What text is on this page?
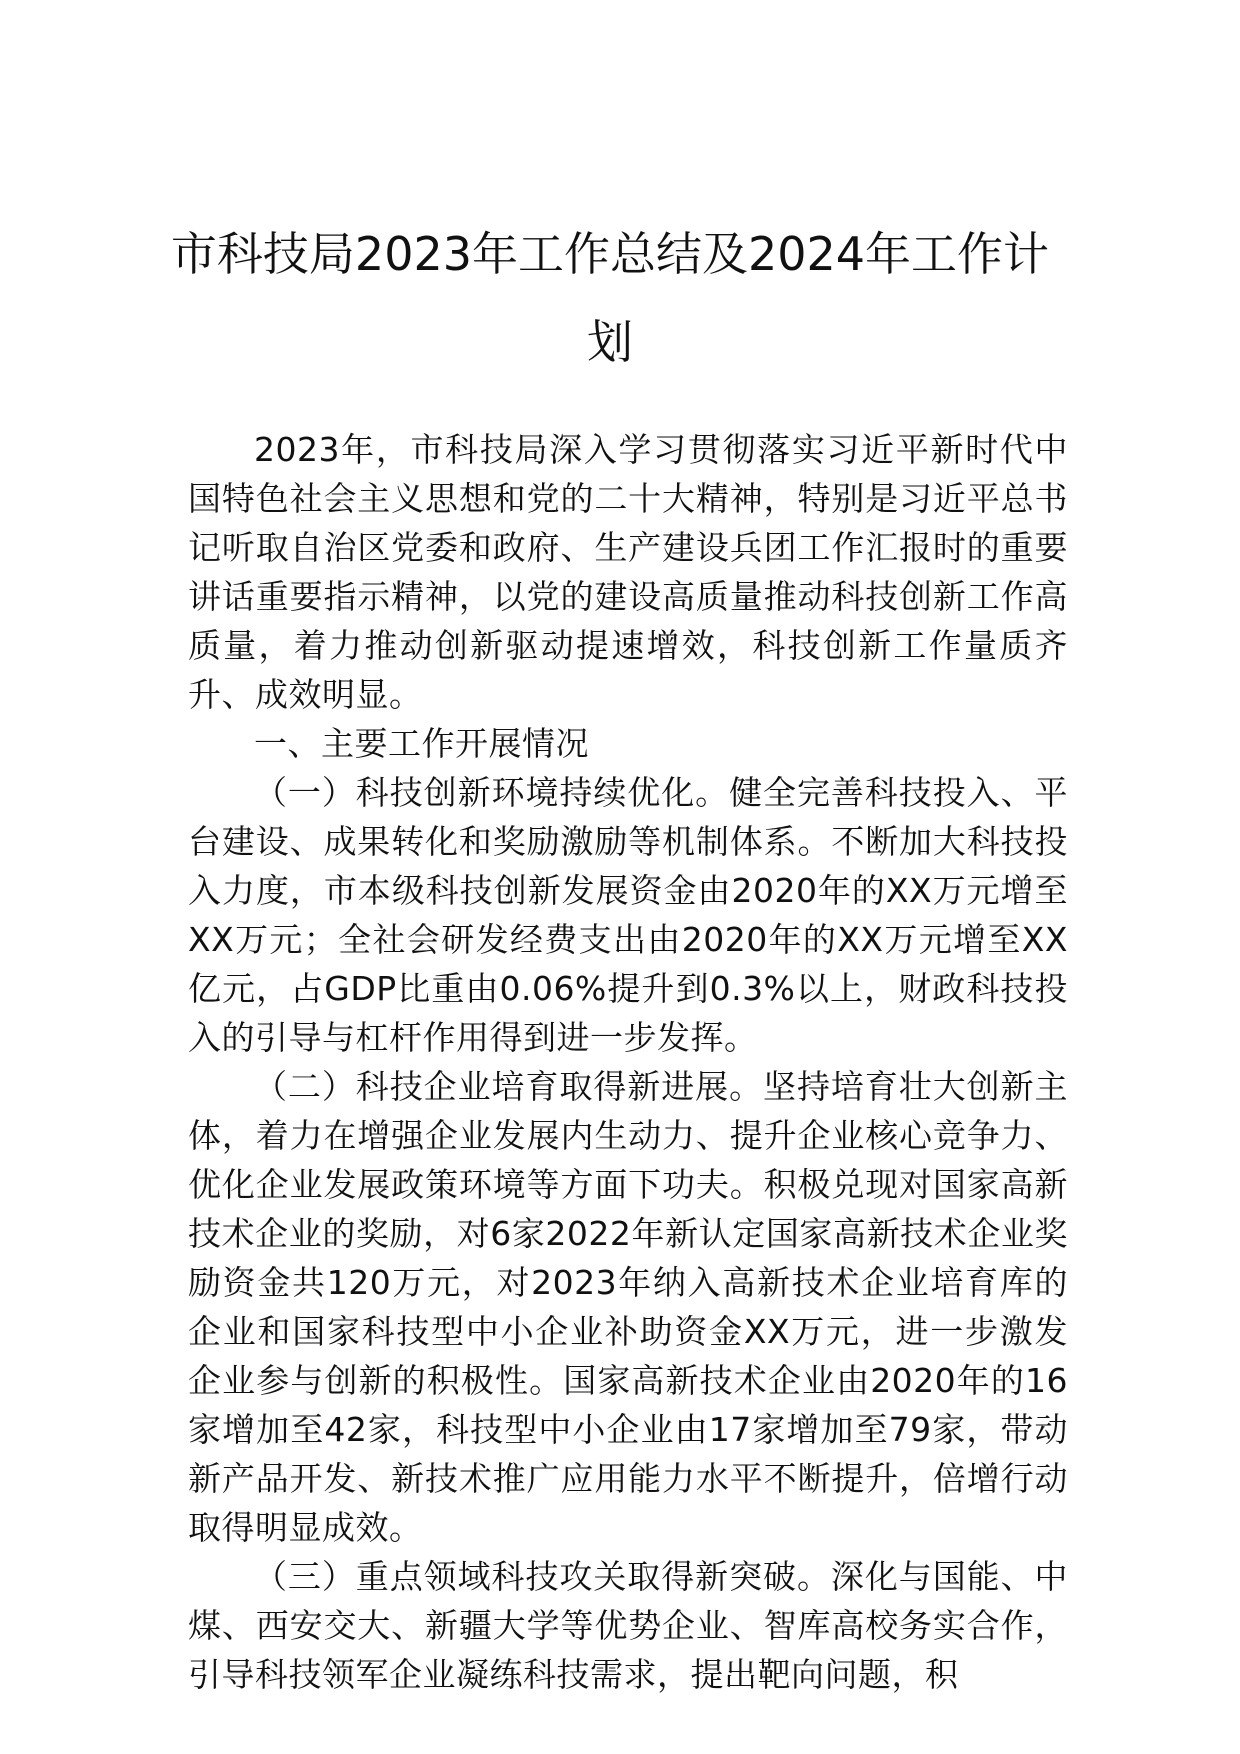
市科技局2023年工作总结及2024年工作计
划

2023年，市科技局深入学习贯彻落实习近平新时代中国特色社会主义思想和党的二十大精神，特别是习近平总书记听取自治区党委和政府、生产建设兵团工作汇报时的重要讲话重要指示精神，以党的建设高质量推动科技创新工作高质量，着力推动创新驱动提速增效，科技创新工作量质齐升、成效明显。

一、主要工作开展情况

（一）科技创新环境持续优化。健全完善科技投入、平台建设、成果转化和奖励激励等机制体系。不断加大科技投入力度，市本级科技创新发展资金由2020年的XX万元增至XX万元；全社会研发经费支出由2020年的XX万元增至XX亿元，占GDP比重由0.06%提升到0.3%以上，财政科技投入的引导与杠杆作用得到进一步发挥。

（二）科技企业培育取得新进展。坚持培育壮大创新主体，着力在增强企业发展内生动力、提升企业核心竞争力、优化企业发展政策环境等方面下功夫。积极兑现对国家高新技术企业的奖励，对6家2022年新认定国家高新技术企业奖励资金共120万元，对2023年纳入高新技术企业培育库的企业和国家科技型中小企业补助资金XX万元，进一步激发企业参与创新的积极性。国家高新技术企业由2020年的16家增加至42家，科技型中小企业由17家增加至79家，带动新产品开发、新技术推广应用能力水平不断提升，倍增行动取得明显成效。

（三）重点领域科技攻关取得新突破。深化与国能、中煤、西安交大、新疆大学等优势企业、智库高校务实合作，引导科技领军企业凝练科技需求，提出靶向问题，积
